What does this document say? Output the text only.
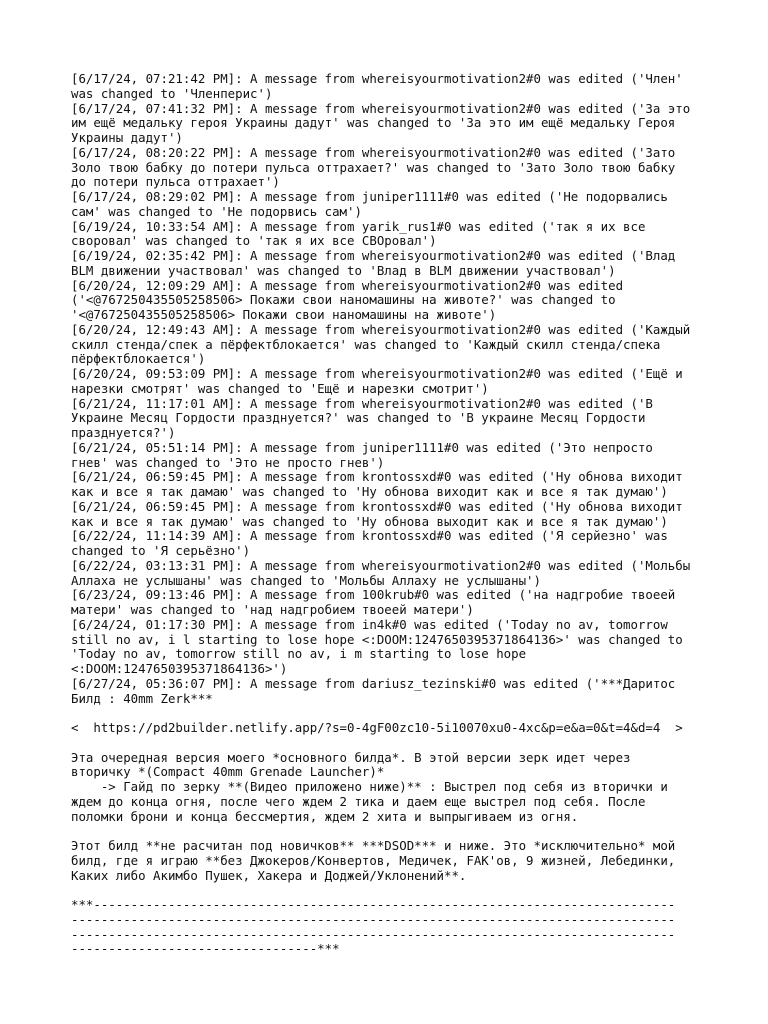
[6/17/24, 07:21:42 PM]: A message from whereisyourmotivation2#0 was edited ('Член'
was changed to 'Членперис')
[6/17/24, 07:41:32 PM]: A message from whereisyourmotivation2#0 was edited ('За это
им ещё медальку героя Украины дадут' was changed to 'За это им ещё медальку Героя
Украины дадут')
[6/17/24, 08:20:22 PM]: A message from whereisyourmotivation2#0 was edited ('Зато
Золо твою бабку до потери пульса оттрахает?' was changed to 'Зато Золо твою бабку
до потери пульса оттрахает')
[6/17/24, 08:29:02 PM]: A message from juniper1111#0 was edited ('Не подорвались
сам' was changed to 'Не подорвись сам')
[6/19/24, 10:33:54 AM]: A message from yarik_rus1#0 was edited ('так я их все
своровал' was changed to 'так я их все СВОровал')
[6/19/24, 02:35:42 PM]: A message from whereisyourmotivation2#0 was edited ('Влад
BLM движении участвовал' was changed to 'Влад в BLM движении участвовал')
[6/20/24, 12:09:29 AM]: A message from whereisyourmotivation2#0 was edited
('<@767250435505258506> Покажи свои наномашины на животе?' was changed to
'<@767250435505258506> Покажи свои наномашины на животе')
[6/20/24, 12:49:43 AM]: A message from whereisyourmotivation2#0 was edited ('Каждый
скилл стенда/спек а пёрфектблокается' was changed to 'Каждый скилл стенда/спека
пёрфектблокается')
[6/20/24, 09:53:09 PM]: A message from whereisyourmotivation2#0 was edited ('Ещё и
нарезки смотрят' was changed to 'Ещё и нарезки смотрит')
[6/21/24, 11:17:01 AM]: A message from whereisyourmotivation2#0 was edited ('В
Украине Месяц Гордости празднуется?' was changed to 'В украине Месяц Гордости
празднуется?')
[6/21/24, 05:51:14 PM]: A message from juniper1111#0 was edited ('Это непросто
гнев' was changed to 'Это не просто гнев')
[6/21/24, 06:59:45 PM]: A message from krontossxd#0 was edited ('Ну обнова виходит
как и все я так дамаю' was changed to 'Ну обнова виходит как и все я так думаю')
[6/21/24, 06:59:45 PM]: A message from krontossxd#0 was edited ('Ну обнова виходит
как и все я так думаю' was changed to 'Ну обнова выходит как и все я так думаю')
[6/22/24, 11:14:39 AM]: A message from krontossxd#0 was edited ('Я серйезно' was
changed to 'Я серьёзно')
[6/22/24, 03:13:31 PM]: A message from whereisyourmotivation2#0 was edited ('Мольбы
Аллаха не услышаны' was changed to 'Мольбы Аллаху не услышаны')
[6/23/24, 09:13:46 PM]: A message from 100krub#0 was edited ('на надгробие твоеей
матери' was changed to 'над надгробием твоеей матери')
[6/24/24, 01:17:30 PM]: A message from in4k#0 was edited ('Today no av, tomorrow
still no av, i l starting to lose hope <:DOOM:1247650395371864136>' was changed to
'Today no av, tomorrow still no av, i m starting to lose hope
<:DOOM:1247650395371864136>')
[6/27/24, 05:36:07 PM]: A message from dariusz_tezinski#0 was edited ('***Даритос
Билд : 40mm Zerk***
<  https://pd2builder.netlify.app/?s=0-4gF00zc10-5i10070xu0-4xc&p=e&a=0&t=4&d=4  >
Эта очередная версия моего *основного билда*. В этой версии зерк идет через
вторичку *(Compact 40mm Grenade Launcher)*
-> Гайд по зерку **(Видео приложено ниже)** : Выстрел под себя из вторички и
ждем до конца огня, после чего ждем 2 тика и даем еще выстрел под себя. После
поломки брони и конца бессмертия, ждем 2 хита и выпрыгиваем из огня.
Этот билд **не расчитан под новичков** ***DSOD*** и ниже. Это *исключительно* мой
билд, где я играю **без Джокеров/Конвертов, Медичек, FAK'ов, 9 жизней, Лебединки,
Каких либо Акимбо Пушек, Хакера и Доджей/Уклонений**.
***------------------------------------------------------------------------------
---------------------------------------------------------------------------------
---------------------------------------------------------------------------------
---------------------------------***
